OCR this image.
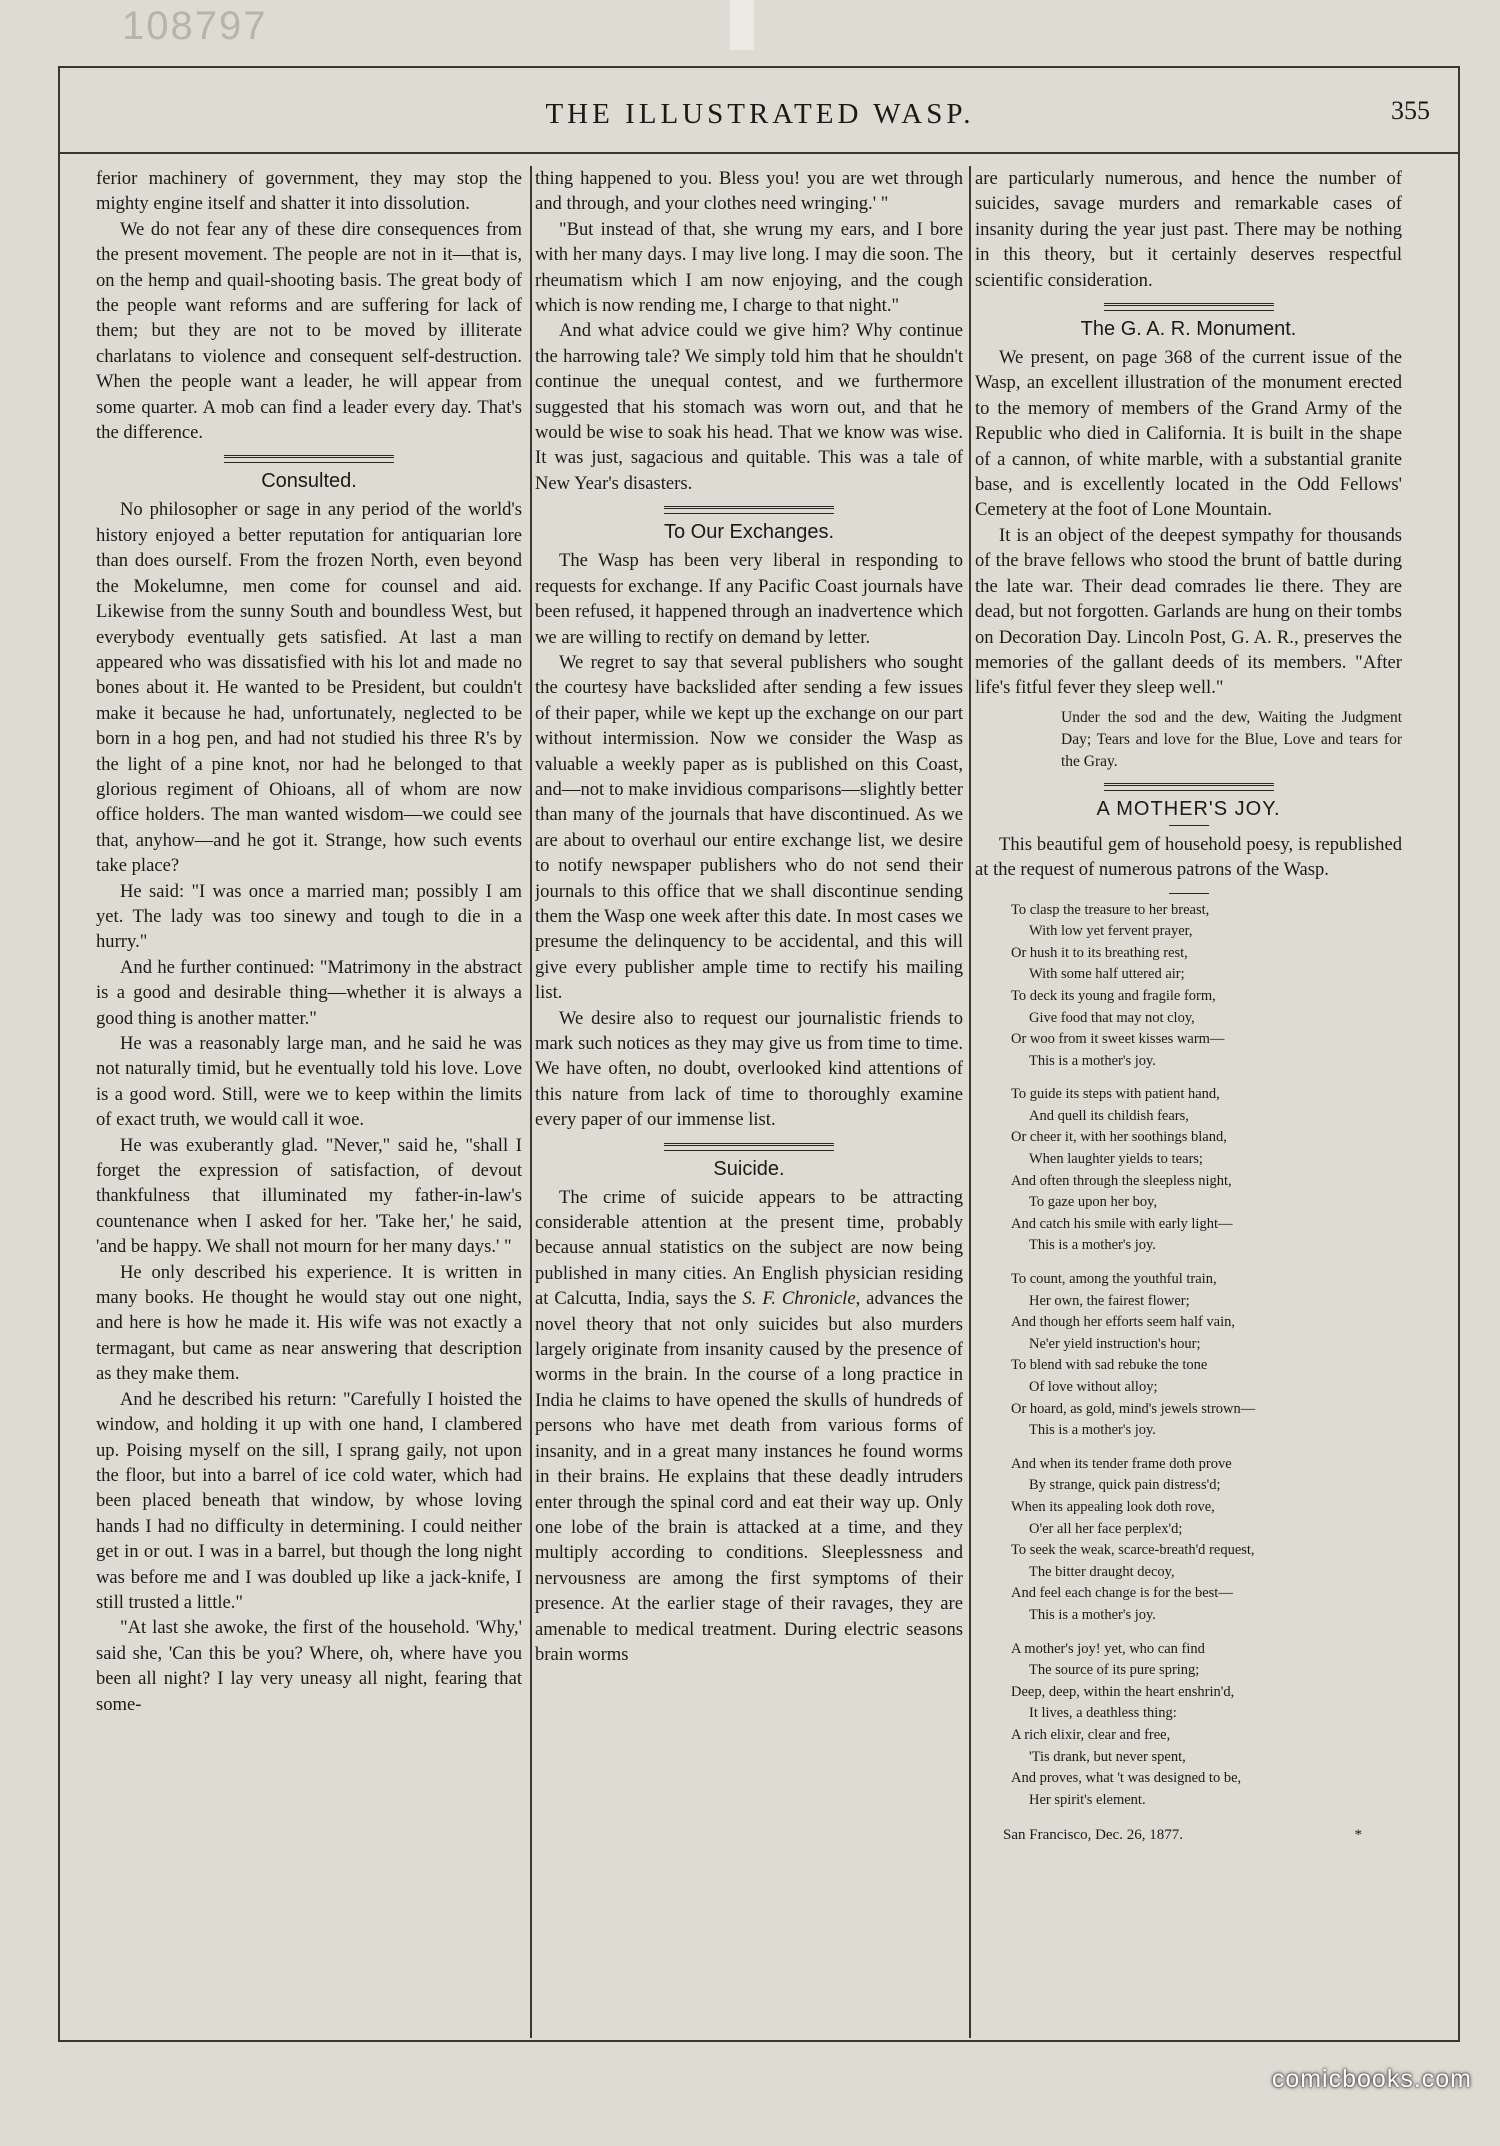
108797
THE ILLUSTRATED WASP.	355

ferior machinery of government, they may stop the mighty engine itself and shatter it into dissolution.

We do not fear any of these dire consequences from the present movement. The people are not in it—that is, on the hemp and quail-shooting basis. The great body of the people want reforms and are suffering for lack of them; but they are not to be moved by illiterate charlatans to violence and consequent self-destruction. When the people want a leader, he will appear from some quarter. A mob can find a leader every day. That's the difference.

Consulted.

No philosopher or sage in any period of the world's history enjoyed a better reputation for antiquarian lore than does ourself. From the frozen North, even beyond the Mokelumne, men come for counsel and aid. Likewise from the sunny South and boundless West, but everybody eventually gets satisfied. At last a man appeared who was dissatisfied with his lot and made no bones about it. He wanted to be President, but couldn't make it because he had, unfortunately, neglected to be born in a hog pen, and had not studied his three R's by the light of a pine knot, nor had he belonged to that glorious regiment of Ohioans, all of whom are now office holders. The man wanted wisdom—we could see that, anyhow—and he got it. Strange, how such events take place?

He said: "I was once a married man; possibly I am yet. The lady was too sinewy and tough to die in a hurry."

And he further continued: "Matrimony in the abstract is a good and desirable thing—whether it is always a good thing is another matter."

He was a reasonably large man, and he said he was not naturally timid, but he eventually told his love. Love is a good word. Still, were we to keep within the limits of exact truth, we would call it woe.

He was exuberantly glad. "Never," said he, "shall I forget the expression of satisfaction, of devout thankfulness that illuminated my father-in-law's countenance when I asked for her. 'Take her,' he said, 'and be happy. We shall not mourn for her many days.' "

He only described his experience. It is written in many books. He thought he would stay out one night, and here is how he made it. His wife was not exactly a termagant, but came as near answering that description as they make them.

And he described his return: "Carefully I hoisted the window, and holding it up with one hand, I clambered up. Poising myself on the sill, I sprang gaily, not upon the floor, but into a barrel of ice cold water, which had been placed beneath that window, by whose loving hands I had no difficulty in determining. I could neither get in or out. I was in a barrel, but though the long night was before me and I was doubled up like a jack-knife, I still trusted a little."

"At last she awoke, the first of the household. 'Why,' said she, 'Can this be you? Where, oh, where have you been all night? I lay very uneasy all night, fearing that some-

thing happened to you. Bless you! you are wet through and through, and your clothes need wringing.' "

"But instead of that, she wrung my ears, and I bore with her many days. I may live long. I may die soon. The rheumatism which I am now enjoying, and the cough which is now rending me, I charge to that night."

And what advice could we give him? Why continue the harrowing tale? We simply told him that he shouldn't continue the unequal contest, and we furthermore suggested that his stomach was worn out, and that he would be wise to soak his head. That we know was wise. It was just, sagacious and quitable. This was a tale of New Year's disasters.

To Our Exchanges.

The Wasp has been very liberal in responding to requests for exchange. If any Pacific Coast journals have been refused, it happened through an inadvertence which we are willing to rectify on demand by letter.

We regret to say that several publishers who sought the courtesy have backslided after sending a few issues of their paper, while we kept up the exchange on our part without intermission. Now we consider the Wasp as valuable a weekly paper as is published on this Coast, and—not to make invidious comparisons—slightly better than many of the journals that have discontinued. As we are about to overhaul our entire exchange list, we desire to notify newspaper publishers who do not send their journals to this office that we shall discontinue sending them the Wasp one week after this date. In most cases we presume the delinquency to be accidental, and this will give every publisher ample time to rectify his mailing list.

We desire also to request our journalistic friends to mark such notices as they may give us from time to time. We have often, no doubt, overlooked kind attentions of this nature from lack of time to thoroughly examine every paper of our immense list.

Suicide.

The crime of suicide appears to be attracting considerable attention at the present time, probably because annual statistics on the subject are now being published in many cities. An English physician residing at Calcutta, India, says the S. F. Chronicle, advances the novel theory that not only suicides but also murders largely originate from insanity caused by the presence of worms in the brain. In the course of a long practice in India he claims to have opened the skulls of hundreds of persons who have met death from various forms of insanity, and in a great many instances he found worms in their brains. He explains that these deadly intruders enter through the spinal cord and eat their way up. Only one lobe of the brain is attacked at a time, and they multiply according to conditions. Sleeplessness and nervousness are among the first symptoms of their presence. At the earlier stage of their ravages, they are amenable to medical treatment. During electric seasons brain worms

are particularly numerous, and hence the number of suicides, savage murders and remarkable cases of insanity during the year just past. There may be nothing in this theory, but it certainly deserves respectful scientific consideration.

The G. A. R. Monument.

We present, on page 368 of the current issue of the Wasp, an excellent illustration of the monument erected to the memory of members of the Grand Army of the Republic who died in California. It is built in the shape of a cannon, of white marble, with a substantial granite base, and is excellently located in the Odd Fellows' Cemetery at the foot of Lone Mountain.

It is an object of the deepest sympathy for thousands of the brave fellows who stood the brunt of battle during the late war. Their dead comrades lie there. They are dead, but not forgotten. Garlands are hung on their tombs on Decoration Day. Lincoln Post, G. A. R., preserves the memories of the gallant deeds of its members. "After life's fitful fever they sleep well."

Under the sod and the dew, Waiting the Judgment Day; Tears and love for the Blue, Love and tears for the Gray.
A MOTHER'S JOY.

This beautiful gem of household poesy, is republished at the request of numerous patrons of the Wasp.

To clasp the treasure to her breast,
With low yet fervent prayer,
Or hush it to its breathing rest,
With some half uttered air;
To deck its young and fragile form,
Give food that may not cloy,
Or woo from it sweet kisses warm—
This is a mother's joy.
To guide its steps with patient hand,
And quell its childish fears,
Or cheer it, with her soothings bland,
When laughter yields to tears;
And often through the sleepless night,
To gaze upon her boy,
And catch his smile with early light—
This is a mother's joy.
To count, among the youthful train,
Her own, the fairest flower;
And though her efforts seem half vain,
Ne'er yield instruction's hour;
To blend with sad rebuke the tone
Of love without alloy;
Or hoard, as gold, mind's jewels strown—
This is a mother's joy.
And when its tender frame doth prove
By strange, quick pain distress'd;
When its appealing look doth rove,
O'er all her face perplex'd;
To seek the weak, scarce-breath'd request,
The bitter draught decoy,
And feel each change is for the best—
This is a mother's joy.
A mother's joy! yet, who can find
The source of its pure spring;
Deep, deep, within the heart enshrin'd,
It lives, a deathless thing:
A rich elixir, clear and free,
'Tis drank, but never spent,
And proves, what 't was designed to be,
Her spirit's element.
San Francisco, Dec. 26, 1877.	*
comicbooks.com
